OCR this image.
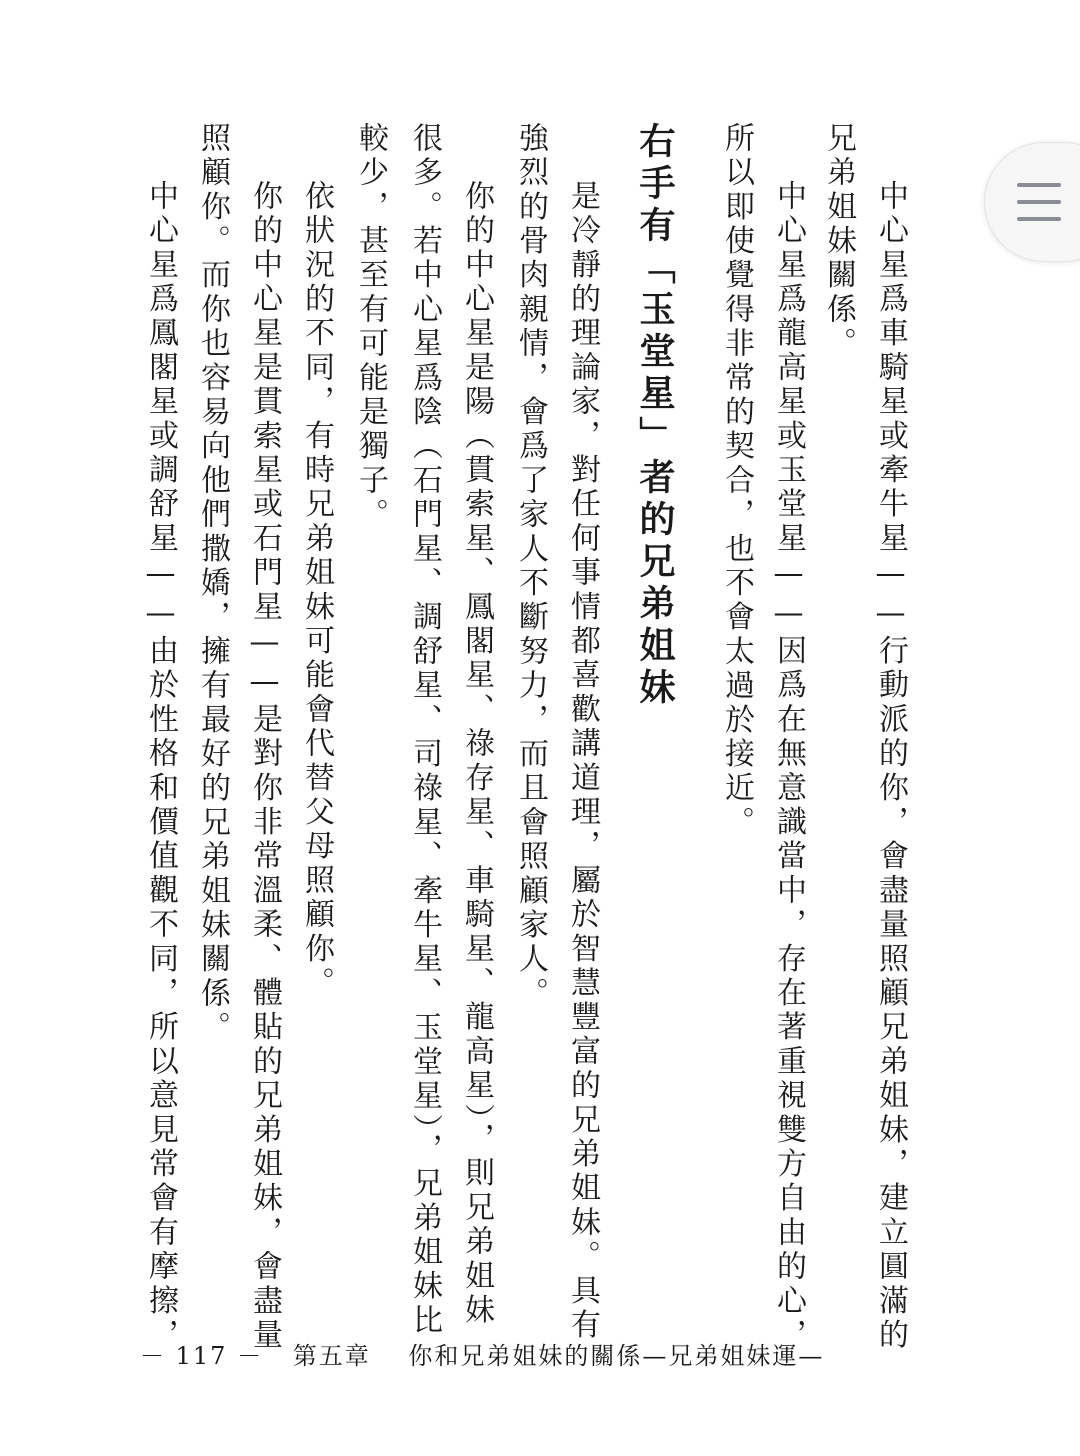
中心星爲車騎星或牽牛星——行動派的你，會盡量照顧兄弟姐妹，建立圓滿的
兄弟姐妹關係。
中心星爲龍高星或玉堂星——因爲在無意識當中，存在著重視雙方自由的心，
所以即使覺得非常的契合，也不會太過於接近。
右手有「玉堂星」者的兄弟姐妹
是冷靜的理論家，對任何事情都喜歡講道理，屬於智慧豐富的兄弟姐妹。具有
強烈的骨肉親情，會爲了家人不斷努力，而且會照顧家人。
你的中心星是陽（貫索星、鳳閣星、祿存星、車騎星、龍高星），則兄弟姐妹
很多。若中心星爲陰（石門星、調舒星、司祿星、牽牛星、玉堂星），兄弟姐妹比
較少，甚至有可能是獨子。
依狀況的不同，有時兄弟姐妹可能會代替父母照顧你。
你的中心星是貫索星或石門星——是對你非常溫柔、體貼的兄弟姐妹，會盡量
照顧你。而你也容易向他們撒嬌，擁有最好的兄弟姐妹關係。
中心星爲鳳閣星或調舒星——由於性格和價值觀不同，所以意見常會有摩擦，
－ 117 － 第五章 你和兄弟姐妹的關係—兄弟姐妹運—
